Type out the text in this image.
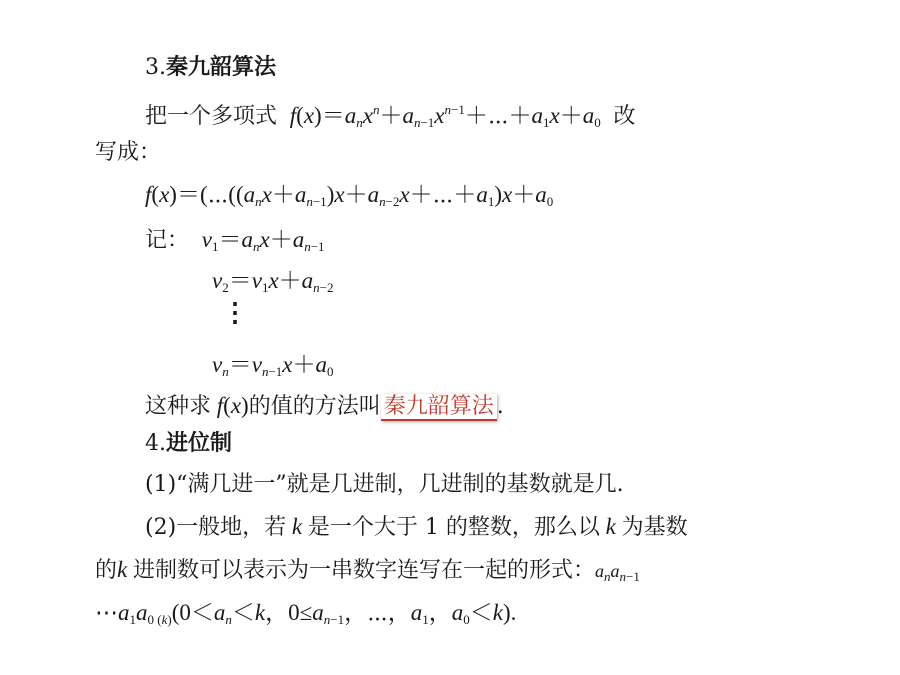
3.秦九韶算法
把一个多项式 $f(x)=a_nx^n+a_{n-1}x^{n-1}+\cdots+a_1x+a_0$ 改
写成：
$f(x)=(\cdots((a_nx+a_{n-1})x+a_{n-2}x+\cdots+a_1)x+a_0$
记： $v_1=a_nx+a_{n-1}$
$v_2=v_1x+a_{n-2}$
⋮
$v_n=v_{n-1}x+a_0$
这种求 f(x)的值的方法叫 秦九韶算法 .
4.进位制
(1)“满几进一”就是几进制，几进制的基数就是几.
(2)一般地，若 k 是一个大于 1 的整数，那么以 k 为基数
的k 进制数可以表示为一串数字连写在一起的形式：$a_na_{n-1}$
$\cdots a_1a_{0 (k)}(0<a_n<k$，$0\le a_{n-1}$，⋯，$a_1$，$a_0<k$).
